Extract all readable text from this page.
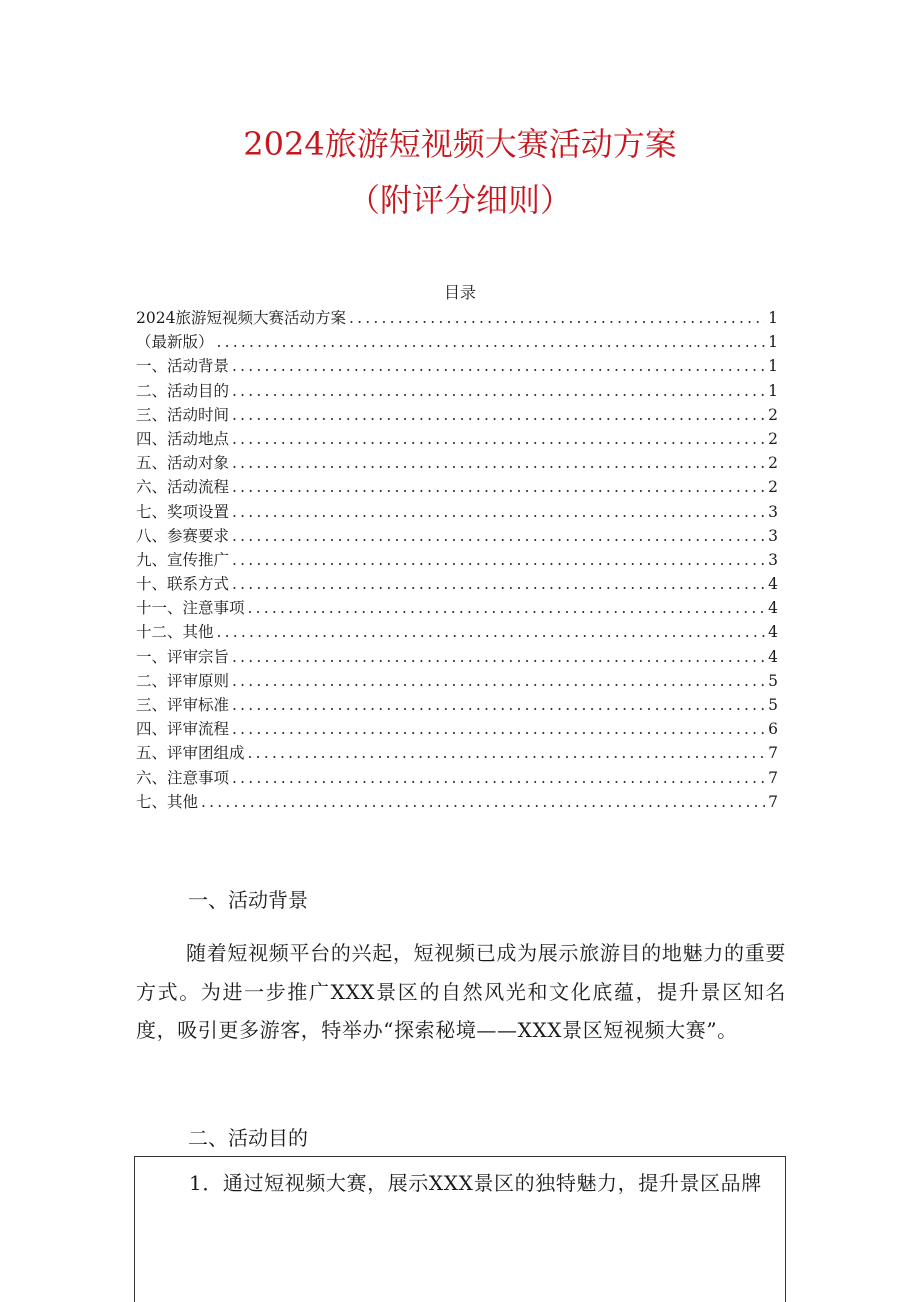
2024旅游短视频大赛活动方案
（附评分细则）
目录
2024旅游短视频大赛活动方案 .....	1
（最新版） .....	1
一、活动背景 .....	1
二、活动目的 .....	1
三、活动时间 .....	2
四、活动地点 .....	2
五、活动对象 .....	2
六、活动流程 .....	2
七、奖项设置 .....	3
八、参赛要求 .....	3
九、宣传推广 .....	3
十、联系方式 .....	4
十一、注意事项 .....	4
十二、其他 .....	4
一、评审宗旨 .....	4
二、评审原则 .....	5
三、评审标准 .....	5
四、评审流程 .....	6
五、评审团组成 .....	7
六、注意事项 .....	7
七、其他 .....	7
一、活动背景

随着短视频平台的兴起，短视频已成为展示旅游目的地魅力的重要方式。为进一步推广XXX景区的自然风光和文化底蕴，提升景区知名度，吸引更多游客，特举办“探索秘境——XXX景区短视频大赛”。

二、活动目的
1．通过短视频大赛，展示XXX景区的独特魅力，提升景区品牌
